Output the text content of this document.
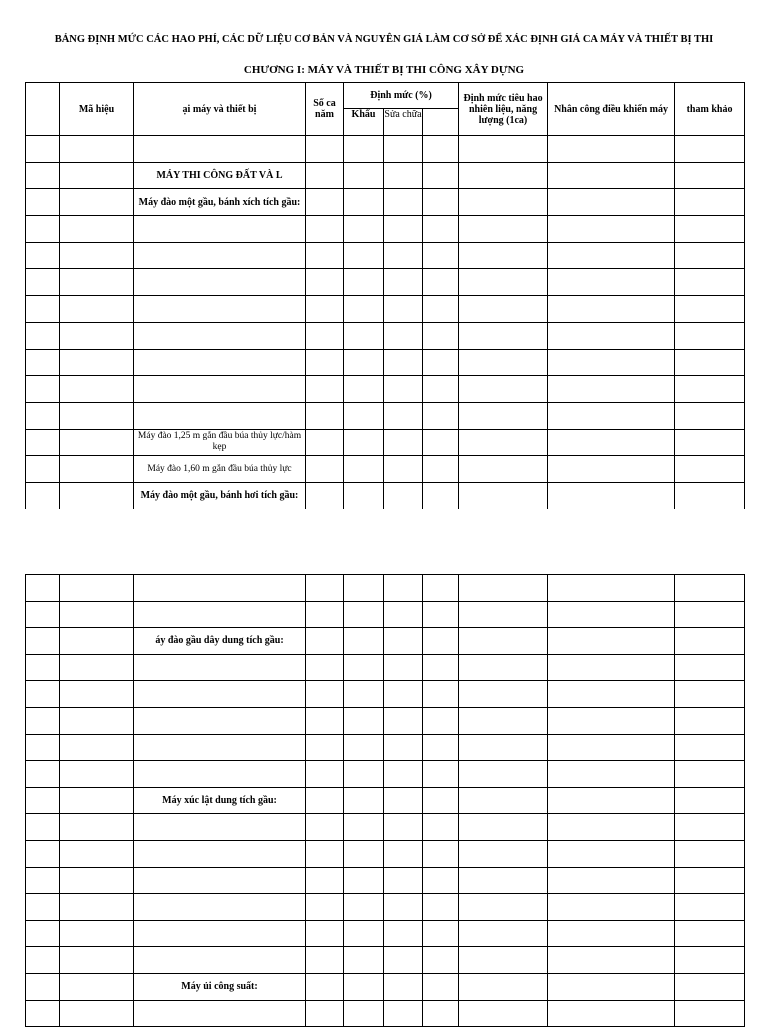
BẢNG ĐỊNH MỨC CÁC HAO PHÍ, CÁC DỮ LIỆU CƠ BẢN VÀ NGUYÊN GIÁ LÀM CƠ SỞ ĐỂ XÁC ĐỊNH GIÁ CA MÁY VÀ THIẾT BỊ THI
CHƯƠNG I: MÁY VÀ THIẾT BỊ THI CÔNG XÂY DỰNG
	Mã hiệu	ại máy và thiết bị	Số ca năm	Định mức (%)			Định mức tiêu hao nhiên liệu, năng lượng (1ca)	Nhân công điều khiển máy	tham khảo
				Khấu	Sửa chữa				

		MÁY THI CÔNG ĐẤT VÀ L							
		Máy đào một gầu, bánh xích tích gầu:							

		Máy đào 1,25 m gắn đầu búa thủy lực/hàm kẹp							
		Máy đào 1,60 m gắn đầu búa thủy lực							
		Máy đào một gầu, bánh hơi tích gầu:							

		áy đào gầu dây dung tích gầu:							

		Máy xúc lật dung tích gầu:							

		Máy ủi công suất:							
